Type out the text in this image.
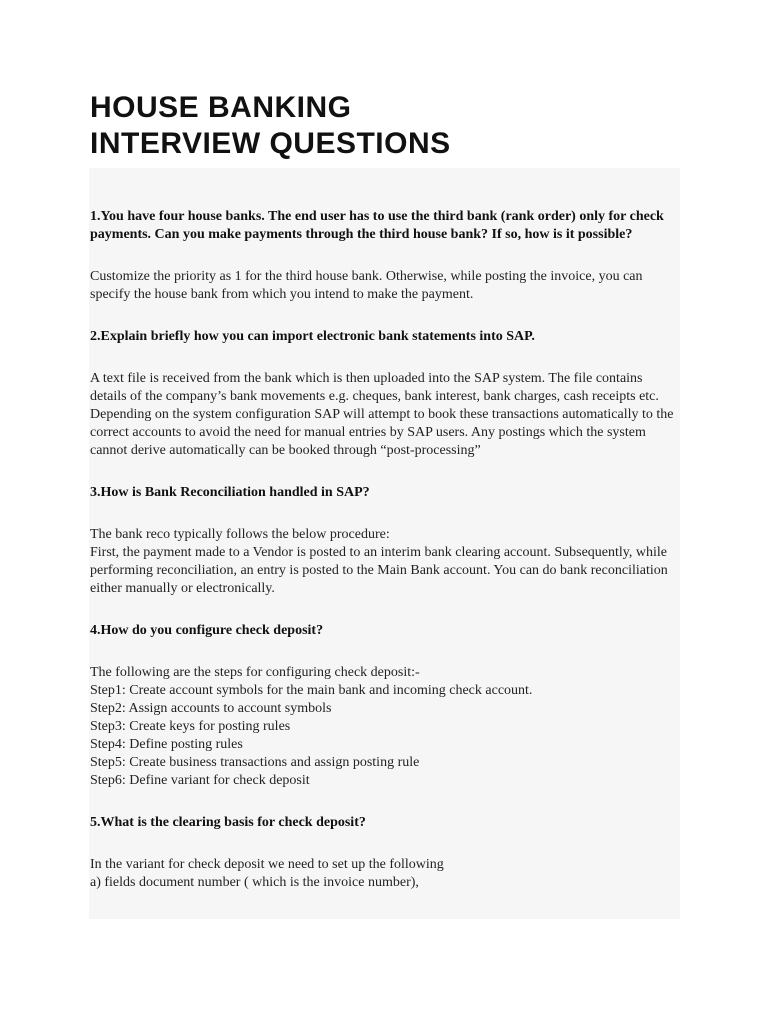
HOUSE BANKING
INTERVIEW QUESTIONS

1.You have four house banks. The end user has to use the third bank (rank order) only for check payments. Can you make payments through the third house bank? If so, how is it possible?

Customize the priority as 1 for the third house bank. Otherwise, while posting the invoice, you can specify the house bank from which you intend to make the payment.

2.Explain briefly how you can import electronic bank statements into SAP.

A text file is received from the bank which is then uploaded into the SAP system. The file contains details of the company’s bank movements e.g. cheques, bank interest, bank charges, cash receipts etc. Depending on the system configuration SAP will attempt to book these transactions automatically to the correct accounts to avoid the need for manual entries by SAP users. Any postings which the system cannot derive automatically can be booked through “post-processing”

3.How is Bank Reconciliation handled in SAP?

The bank reco typically follows the below procedure:
First, the payment made to a Vendor is posted to an interim bank clearing account. Subsequently, while performing reconciliation, an entry is posted to the Main Bank account. You can do bank reconciliation either manually or electronically.

4.How do you configure check deposit?

The following are the steps for configuring check deposit:-
Step1: Create account symbols for the main bank and incoming check account.
Step2: Assign accounts to account symbols
Step3: Create keys for posting rules
Step4: Define posting rules
Step5: Create business transactions and assign posting rule
Step6: Define variant for check deposit

5.What is the clearing basis for check deposit?

In the variant for check deposit we need to set up the following
a) fields document number ( which is the invoice number),
